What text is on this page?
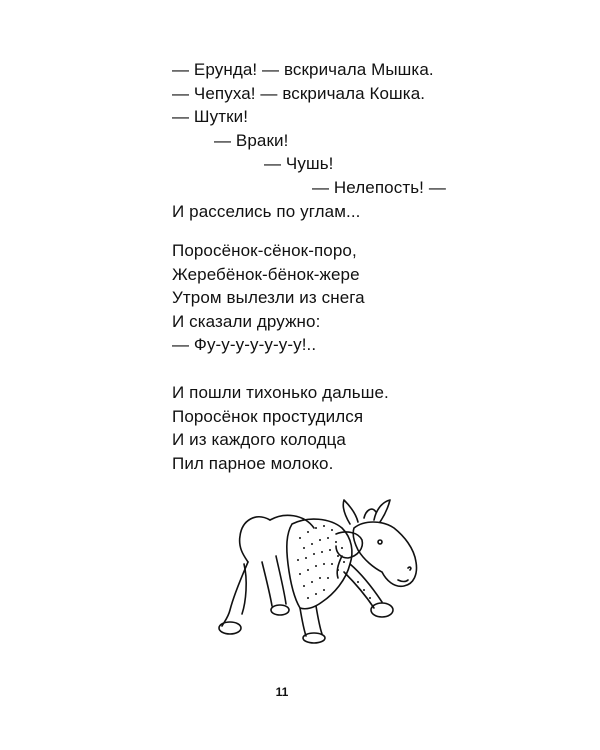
— Ерунда! — вскричала Мышка.
— Чепуха! — вскричала Кошка.
— Шутки!
— Враки!
— Чушь!
— Нелепость! —
И расселись по углам...
Поросёнок-сёнок-поро,
Жеребёнок-бёнок-жере
Утром вылезли из снега
И сказали дружно:
— Фу-у-у-у-у-у-у!..
И пошли тихонько дальше.
Поросёнок простудился
И из каждого колодца
Пил парное молоко.
11
